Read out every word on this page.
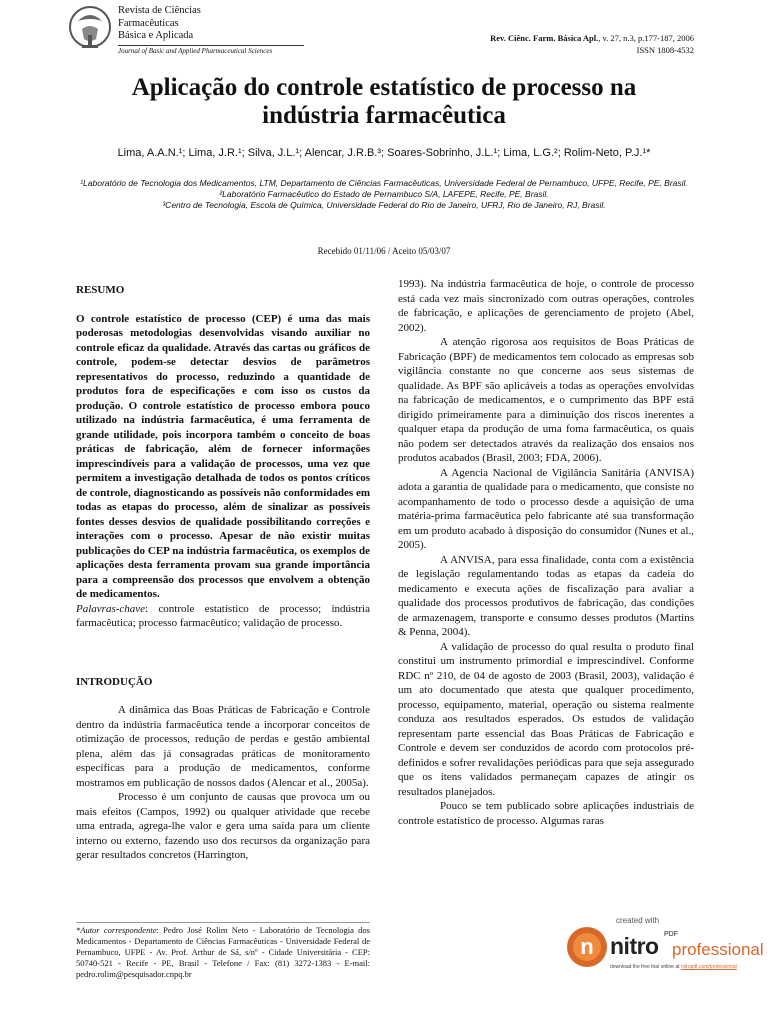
Revista de Ciências
Farmacêuticas
Básica e Aplicada
Journal of Basic and Applied Pharmaceutical Sciences
Rev. Ciênc. Farm. Básica Apl., v. 27, n.3, p.177-187, 2006
ISSN 1808-4532
Aplicação do controle estatístico de processo na
indústria farmacêutica
Lima, A.A.N.¹; Lima, J.R.¹; Silva, J.L.¹; Alencar, J.R.B.³; Soares-Sobrinho, J.L.¹; Lima, L.G.²; Rolim-Neto, P.J.¹*
¹Laboratório de Tecnologia dos Medicamentos, LTM, Departamento de Ciências Farmacêuticas, Universidade Federal de Pernambuco, UFPE, Recife, PE, Brasil.
²Laboratório Farmacêutico do Estado de Pernambuco S/A, LAFEPE, Recife, PE, Brasil.
³Centro de Tecnologia, Escola de Química, Universidade Federal do Rio de Janeiro, UFRJ, Rio de Janeiro, RJ, Brasil.
Recebido 01/11/06 / Aceito 05/03/07

RESUMO

O controle estatístico de processo (CEP) é uma das mais poderosas metodologias desenvolvidas visando auxiliar no controle eficaz da qualidade. Através das cartas ou gráficos de controle, podem-se detectar desvios de parâmetros representativos do processo, reduzindo a quantidade de produtos fora de especificações e com isso os custos da produção. O controle estatístico de processo embora pouco utilizado na indústria farmacêutica, é uma ferramenta de grande utilidade, pois incorpora também o conceito de boas práticas de fabricação, além de fornecer informações imprescindíveis para a validação de processos, uma vez que permitem a investigação detalhada de todos os pontos críticos de controle, diagnosticando as possíveis não conformidades em todas as etapas do processo, além de sinalizar as possíveis fontes desses desvios de qualidade possibilitando correções e interações com o processo. Apesar de não existir muitas publicações do CEP na indústria farmacêutica, os exemplos de aplicações desta ferramenta provam sua grande importância para a compreensão dos processos que envolvem a obtenção de medicamentos.

Palavras-chave: controle estatístico de processo; indústria farmacêutica; processo farmacêutico; validação de processo.

INTRODUÇÃO

A dinâmica das Boas Práticas de Fabricação e Controle dentro da indústria farmacêutica tende a incorporar conceitos de otimização de processos, redução de perdas e gestão ambiental plena, além das já consagradas práticas de monitoramento específicas para a produção de medicamentos, conforme mostramos em publicação de nossos dados (Alencar et al., 2005a).

Processo é um conjunto de causas que provoca um ou mais efeitos (Campos, 1992) ou qualquer atividade que recebe uma entrada, agrega-lhe valor e gera uma saída para um cliente interno ou externo, fazendo uso dos recursos da organização para gerar resultados concretos (Harrington,

1993). Na indústria farmacêutica de hoje, o controle de processo está cada vez mais sincronizado com outras operações, controles de fabricação, e aplicações de gerenciamento de projeto (Abel, 2002).

A atenção rigorosa aos requisitos de Boas Práticas de Fabricação (BPF) de medicamentos tem colocado as empresas sob vigilância constante no que concerne aos seus sistemas de qualidade. As BPF são aplicáveis a todas as operações envolvidas na fabricação de medicamentos, e o cumprimento das BPF está dirigido primeiramente para a diminuição dos riscos inerentes a qualquer etapa da produção de uma foma farmacêutica, os quais não podem ser detectados através da realização dos ensaios nos produtos acabados (Brasil, 2003; FDA, 2006).

A Agencia Nacional de Vigilância Sanitária (ANVISA) adota a garantia de qualidade para o medicamento, que consiste no acompanhamento de todo o processo desde a aquisição de uma matéria-prima farmacêutica pelo fabricante até sua transformação em um produto acabado à disposição do consumidor (Nunes et al., 2005).

A ANVISA, para essa finalidade, conta com a existência de legislação regulamentando todas as etapas da cadeia do medicamento e executa ações de fiscalização para avaliar a qualidade dos processos produtivos de fabricação, das condições de armazenagem, transporte e consumo desses produtos (Martins & Penna, 2004).

A validação de processo do qual resulta o produto final constitui um instrumento primordial e imprescindível. Conforme RDC nº 210, de 04 de agosto de 2003 (Brasil, 2003), validação é um ato documentado que atesta que qualquer procedimento, processo, equipamento, material, operação ou sistema realmente conduza aos resultados esperados. Os estudos de validação representam parte essencial das Boas Práticas de Fabricação e Controle e devem ser conduzidos de acordo com protocolos pré-definidos e sofrer revalidações periódicas para que seja assegurado que os itens validados permaneçam capazes de atingir os resultados planejados.

Pouco se tem publicado sobre aplicações industriais de controle estatístico de processo. Algumas raras

*Autor correspondente: Pedro José Rolim Neto - Laboratório de Tecnologia dos Medicamentos - Departamento de Ciências Farmacêuticas - Universidade Federal de Pernambuco, UFPE - Av. Prof. Arthur de Sá, s/nº - Cidade Universitária - CEP: 50740-521 - Recife - PE, Brasil - Telefone / Fax: (81) 3272-1383 - E-mail: pedro.rolim@pesquisador.cnpq.br
n
created with
nitro PDF
professional
download the free trial online at nitropdf.com/professional
